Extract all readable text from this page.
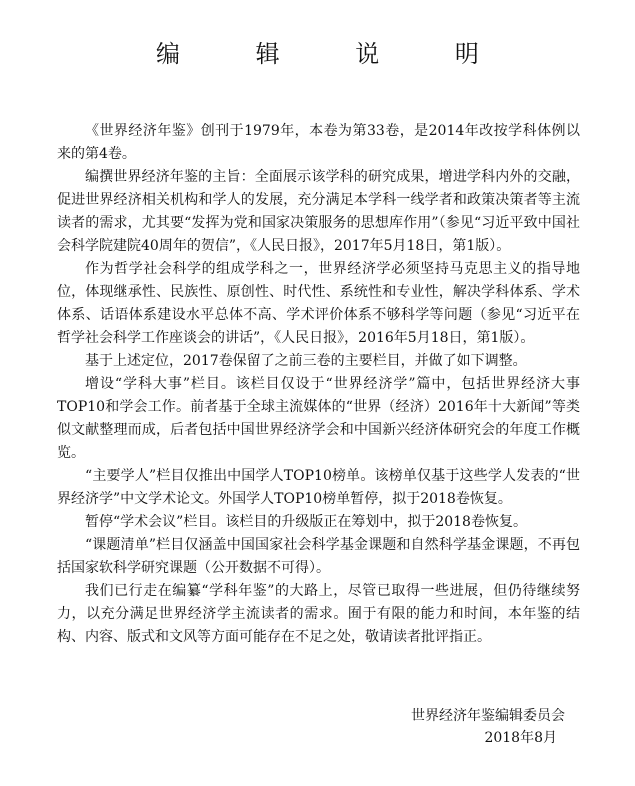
编 辑 说 明

《世界经济年鉴》创刊于1979年，本卷为第33卷，是2014年改按学科体例以来的第4卷。

编撰世界经济年鉴的主旨：全面展示该学科的研究成果，增进学科内外的交融，促进世界经济相关机构和学人的发展，充分满足本学科一线学者和政策决策者等主流读者的需求，尤其要“发挥为党和国家决策服务的思想库作用”（参见“习近平致中国社会科学院建院40周年的贺信”，《人民日报》，2017年5月18日，第1版）。

作为哲学社会科学的组成学科之一，世界经济学必须坚持马克思主义的指导地位，体现继承性、民族性、原创性、时代性、系统性和专业性，解决学科体系、学术体系、话语体系建设水平总体不高、学术评价体系不够科学等问题（参见“习近平在哲学社会科学工作座谈会的讲话”，《人民日报》，2016年5月18日，第1版）。

基于上述定位，2017卷保留了之前三卷的主要栏目，并做了如下调整。

增设“学科大事”栏目。该栏目仅设于“世界经济学”篇中，包括世界经济大事TOP10和学会工作。前者基于全球主流媒体的“世界（经济）2016年十大新闻”等类似文献整理而成，后者包括中国世界经济学会和中国新兴经济体研究会的年度工作概览。

“主要学人”栏目仅推出中国学人TOP10榜单。该榜单仅基于这些学人发表的“世界经济学”中文学术论文。外国学人TOP10榜单暂停，拟于2018卷恢复。

暂停“学术会议”栏目。该栏目的升级版正在筹划中，拟于2018卷恢复。

“课题清单”栏目仅涵盖中国国家社会科学基金课题和自然科学基金课题，不再包括国家软科学研究课题（公开数据不可得）。

我们已行走在编纂“学科年鉴”的大路上，尽管已取得一些进展，但仍待继续努力，以充分满足世界经济学主流读者的需求。囿于有限的能力和时间，本年鉴的结构、内容、版式和文风等方面可能存在不足之处，敬请读者批评指正。

世界经济年鉴编辑委员会
2018年8月
